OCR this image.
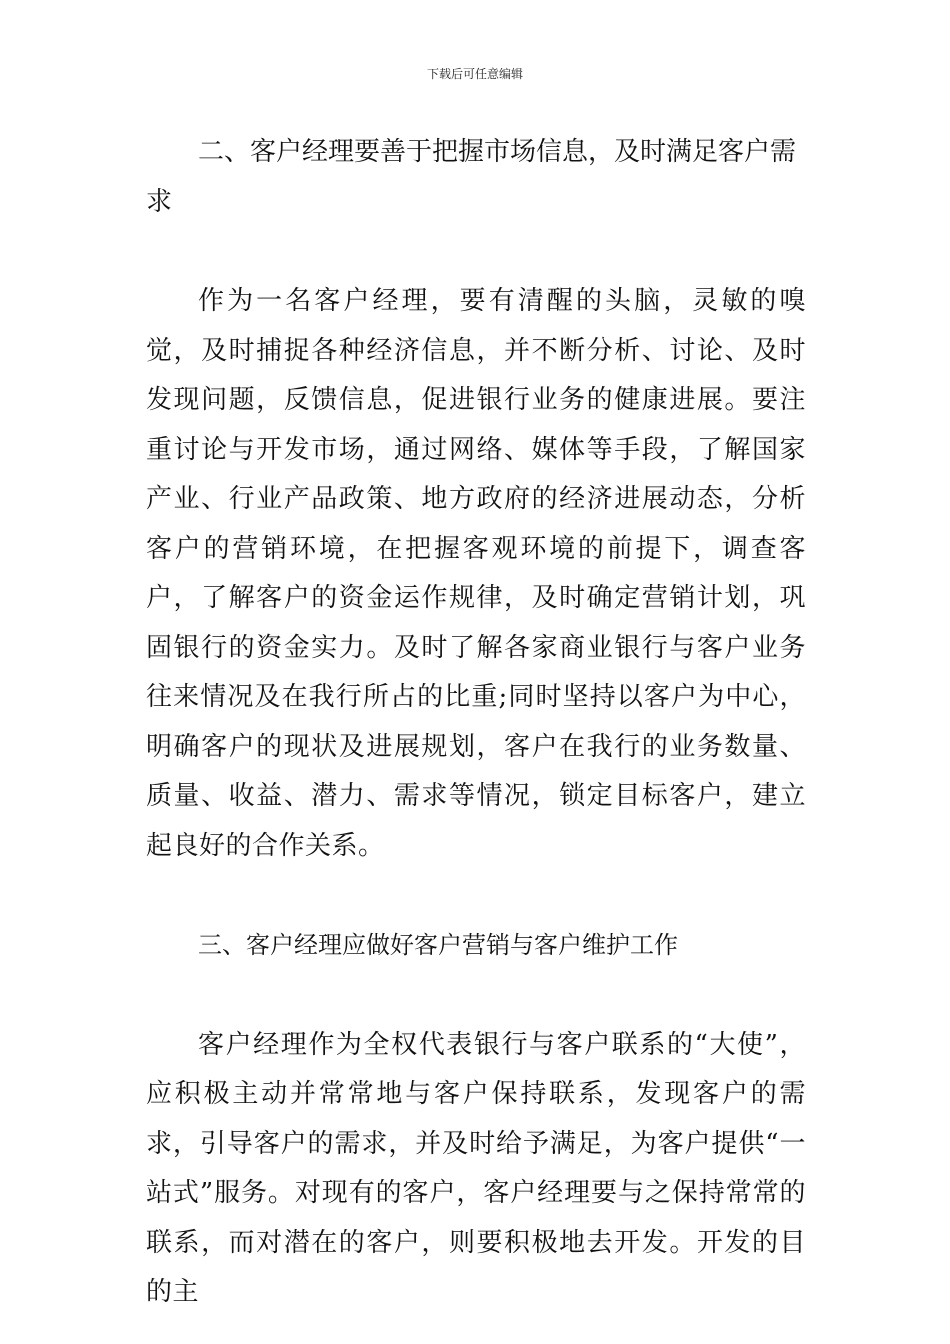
下载后可任意编辑

二、客户经理要善于把握市场信息，及时满足客户需求

作为一名客户经理，要有清醒的头脑，灵敏的嗅觉，及时捕捉各种经济信息，并不断分析、讨论、及时发现问题，反馈信息，促进银行业务的健康进展。要注重讨论与开发市场，通过网络、媒体等手段，了解国家产业、行业产品政策、地方政府的经济进展动态，分析客户的营销环境，在把握客观环境的前提下，调查客户，了解客户的资金运作规律，及时确定营销计划，巩固银行的资金实力。及时了解各家商业银行与客户业务往来情况及在我行所占的比重;同时坚持以客户为中心，明确客户的现状及进展规划，客户在我行的业务数量、质量、收益、潜力、需求等情况，锁定目标客户，建立起良好的合作关系。

三、客户经理应做好客户营销与客户维护工作

客户经理作为全权代表银行与客户联系的“大使”，应积极主动并常常地与客户保持联系，发现客户的需求，引导客户的需求，并及时给予满足，为客户提供“一站式”服务。对现有的客户，客户经理要与之保持常常的联系，而对潜在的客户，则要积极地去开发。开发的目的主
